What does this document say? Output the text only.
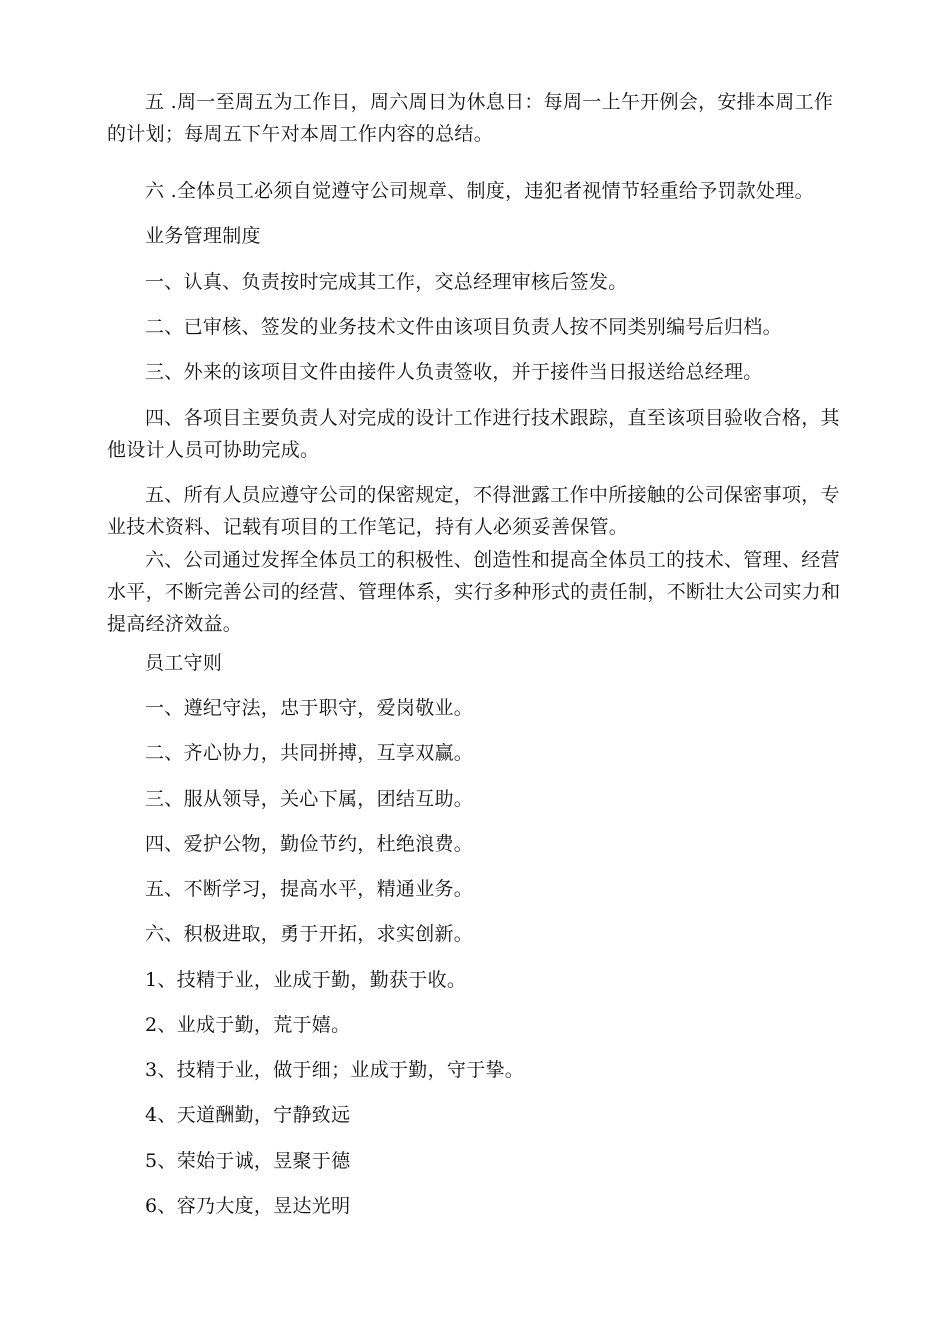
五 .周一至周五为工作日，周六周日为休息日：每周一上午开例会，安排本周工作的计划；每周五下午对本周工作内容的总结。

六 .全体员工必须自觉遵守公司规章、制度，违犯者视情节轻重给予罚款处理。

业务管理制度

一、认真、负责按时完成其工作，交总经理审核后签发。

二、已审核、签发的业务技术文件由该项目负责人按不同类别编号后归档。

三、外来的该项目文件由接件人负责签收，并于接件当日报送给总经理。

四、各项目主要负责人对完成的设计工作进行技术跟踪，直至该项目验收合格，其他设计人员可协助完成。

五、所有人员应遵守公司的保密规定，不得泄露工作中所接触的公司保密事项，专业技术资料、记载有项目的工作笔记，持有人必须妥善保管。

六、公司通过发挥全体员工的积极性、创造性和提高全体员工的技术、管理、经营水平，不断完善公司的经营、管理体系，实行多种形式的责任制，不断壮大公司实力和提高经济效益。

员工守则

一、遵纪守法，忠于职守，爱岗敬业。

二、齐心协力，共同拼搏，互享双赢。

三、服从领导，关心下属，团结互助。

四、爱护公物，勤俭节约，杜绝浪费。

五、不断学习，提高水平，精通业务。

六、积极进取，勇于开拓，求实创新。

1、技精于业，业成于勤，勤获于收。

2、业成于勤，荒于嬉。

3、技精于业，做于细；业成于勤，守于挚。

4、天道酬勤，宁静致远

5、荣始于诚，昱聚于德

6、容乃大度，昱达光明
